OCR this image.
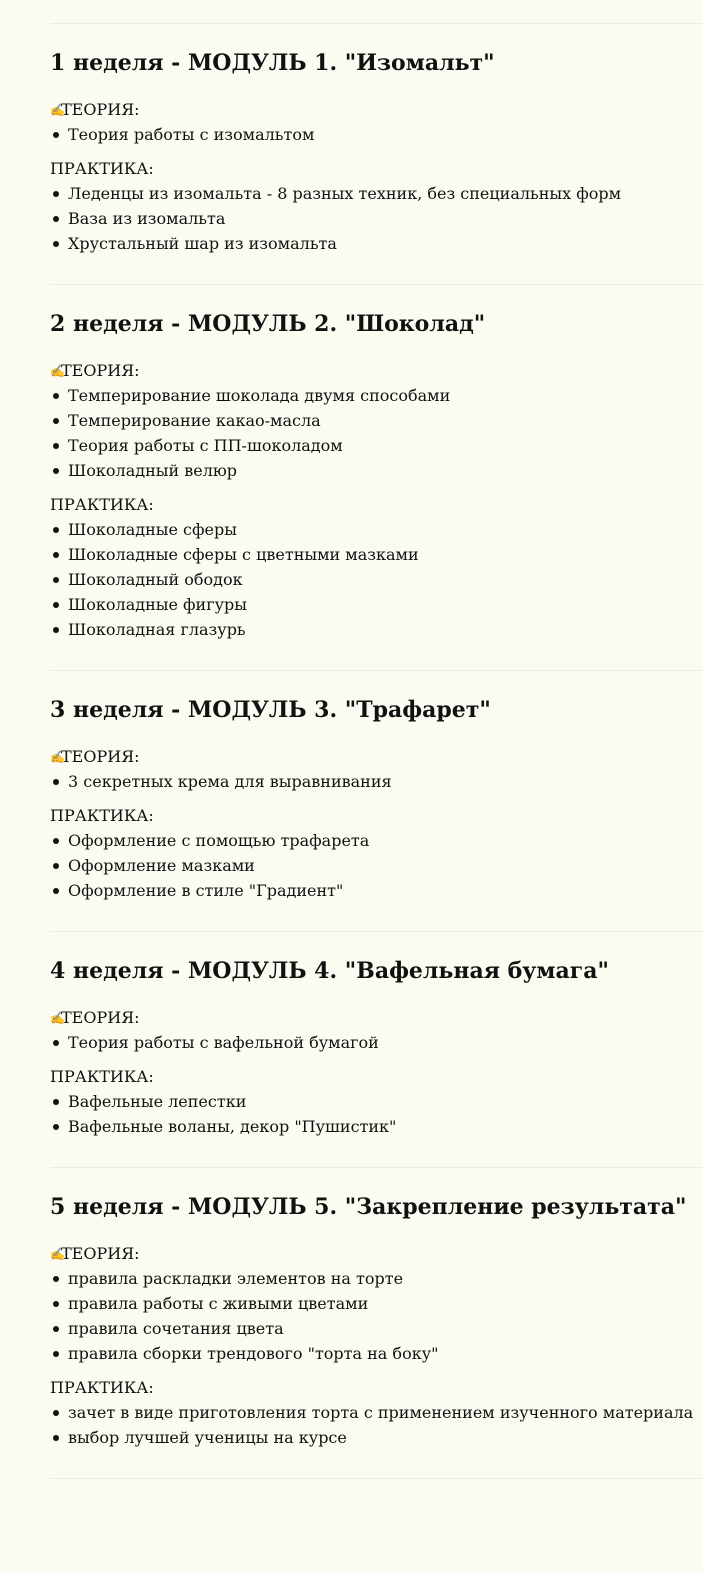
1 неделя - МОДУЛЬ 1. "Изомальт"

✍ТЕОРИЯ:

Теория работы с изомальтом

ПРАКТИКА:

Леденцы из изомальта - 8 разных техник, без специальных форм
Ваза из изомальта
Хрустальный шар из изомальта
2 неделя - МОДУЛЬ 2. "Шоколад"

✍ТЕОРИЯ:

Темперирование шоколада двумя способами
Темперирование какао-масла
Теория работы с ПП-шоколадом
Шоколадный велюр

ПРАКТИКА:

Шоколадные сферы
Шоколадные сферы с цветными мазками
Шоколадный ободок
Шоколадные фигуры
Шоколадная глазурь
3 неделя - МОДУЛЬ 3. "Трафарет"

✍ТЕОРИЯ:

3 секретных крема для выравнивания

ПРАКТИКА:

Оформление с помощью трафарета
Оформление мазками
Оформление в стиле "Градиент"
4 неделя - МОДУЛЬ 4. "Вафельная бумага"

✍ТЕОРИЯ:

Теория работы с вафельной бумагой

ПРАКТИКА:

Вафельные лепестки
Вафельные воланы, декор "Пушистик"
5 неделя - МОДУЛЬ 5. "Закрепление результата"

✍ТЕОРИЯ:

правила раскладки элементов на торте
правила работы с живыми цветами
правила сочетания цвета
правила сборки трендового "торта на боку"

ПРАКТИКА:

зачет в виде приготовления торта с применением изученного материала
выбор лучшей ученицы на курсе
